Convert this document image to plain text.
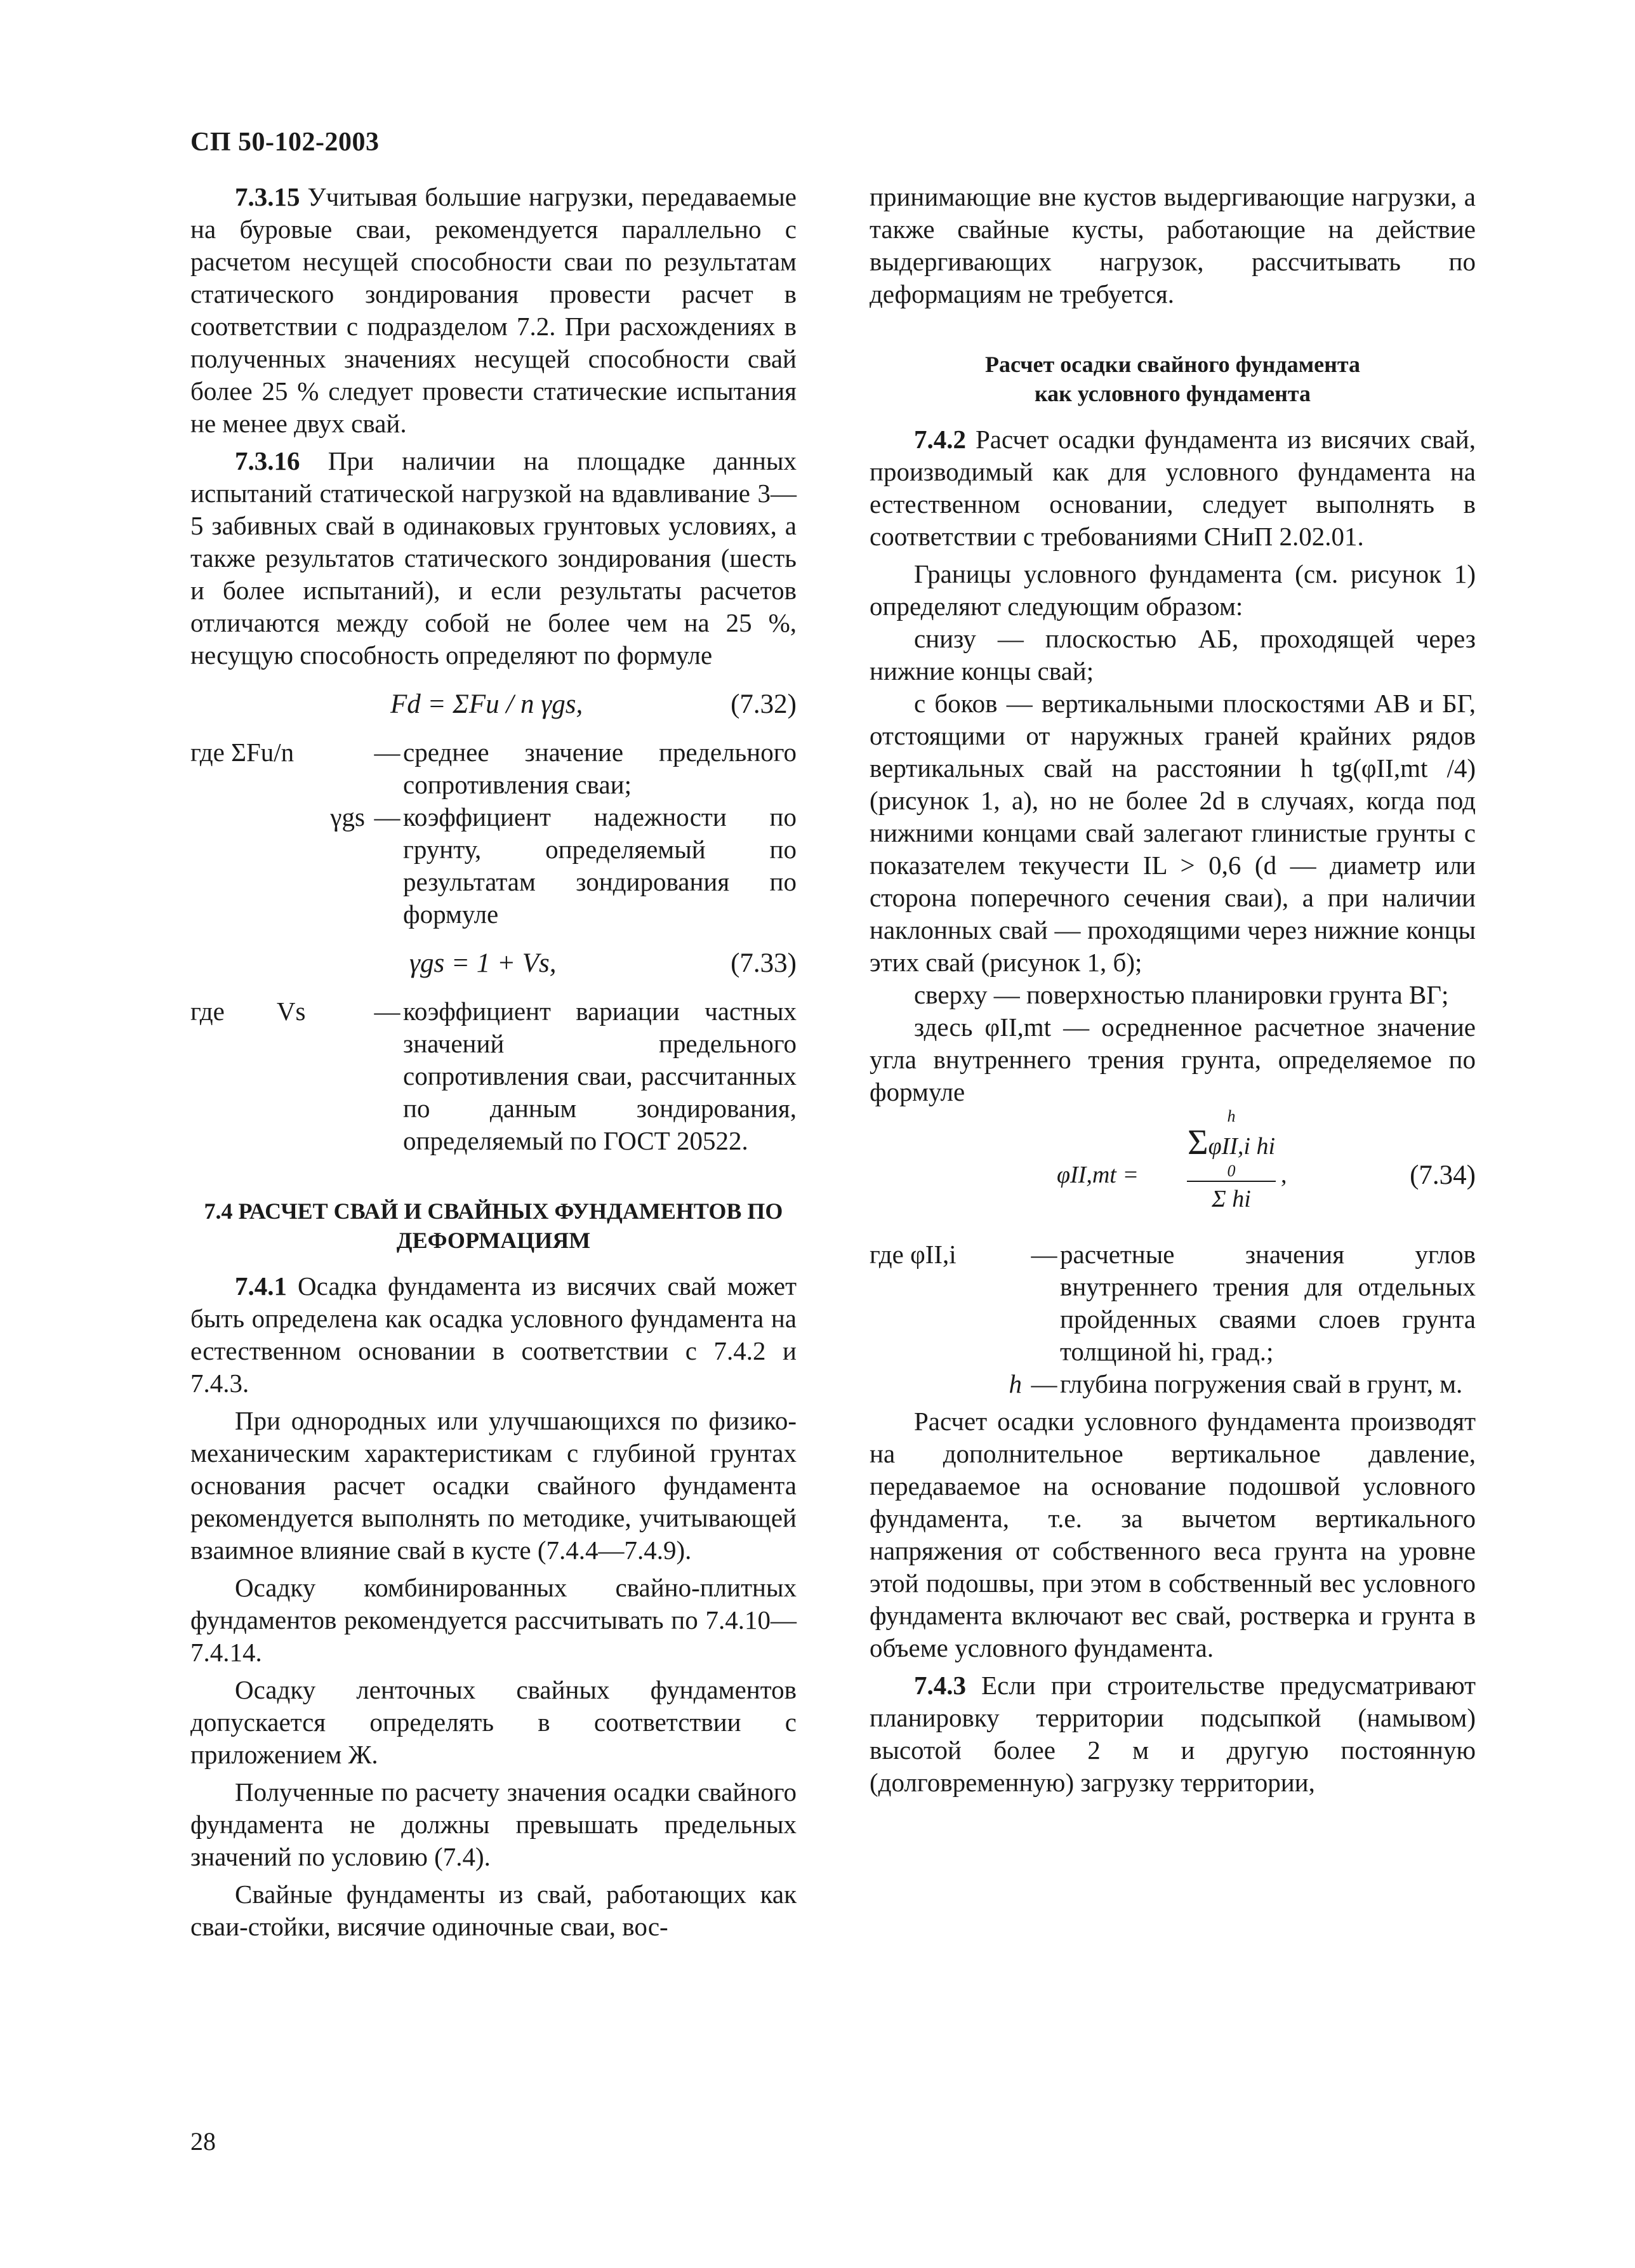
СП 50-102-2003

7.3.15 Учитывая большие нагрузки, передаваемые на буровые сваи, рекомендуется параллельно с расчетом несущей способности сваи по результатам статического зондирования провести расчет в соответствии с подразделом 7.2. При расхождениях в полученных значениях несущей способности свай более 25 % следует провести статические испытания не менее двух свай.

7.3.16 При наличии на площадке данных испытаний статической нагрузкой на вдавливание 3—5 забивных свай в одинаковых грунтовых условиях, а также результатов статического зондирования (шесть и более испытаний), и если результаты расчетов отличаются между собой не более чем на 25 %, несущую способность определяют по формуле

Fd = ΣFu / n γgs,	(7.32)
где ΣFu/n	— среднее значение предельного сопротивления сваи;
γgs — коэффициент надежности по грунту, определяемый по результатам зондирования по формуле
γgs = 1 + Vs,	(7.33)
где        Vs	— коэффициент вариации частных значений предельного сопротивления сваи, рассчитанных по данным зондирования, определяемый по ГОСТ 20522.

7.4 РАСЧЕТ СВАЙ И СВАЙНЫХ ФУНДАМЕНТОВ ПО ДЕФОРМАЦИЯМ

7.4.1 Осадка фундамента из висячих свай может быть определена как осадка условного фундамента на естественном основании в соответствии с 7.4.2 и 7.4.3.

При однородных или улучшающихся по физико-механическим характеристикам с глубиной грунтах основания расчет осадки свайного фундамента рекомендуется выполнять по методике, учитывающей взаимное влияние свай в кусте (7.4.4—7.4.9).

Осадку комбинированных свайно-плитных фундаментов рекомендуется рассчитывать по 7.4.10—7.4.14.

Осадку ленточных свайных фундаментов допускается определять в соответствии с приложением Ж.

Полученные по расчету значения осадки свайного фундамента не должны превышать предельных значений по условию (7.4).

Свайные фундаменты из свай, работающих как сваи-стойки, висячие одиночные сваи, вос-

принимающие вне кустов выдергивающие нагрузки, а также свайные кусты, работающие на действие выдергивающих нагрузок, рассчитывать по деформациям не требуется.

Расчет осадки свайного фундамента

как условного фундамента

7.4.2 Расчет осадки фундамента из висячих свай, производимый как для условного фундамента на естественном основании, следует выполнять в соответствии с требованиями СНиП 2.02.01.

Границы условного фундамента (см. рисунок 1) определяют следующим образом:

снизу — плоскостью АБ, проходящей через нижние концы свай;

с боков — вертикальными плоскостями АВ и БГ, отстоящими от наружных граней крайних рядов вертикальных свай на расстоянии h tg(φII,mt /4) (рисунок 1, а), но не более 2d в случаях, когда под нижними концами свай залегают глинистые грунты с показателем текучести IL > 0,6 (d — диаметр или сторона поперечного сечения сваи), а при наличии наклонных свай — проходящими через нижние концы этих свай (рисунок 1, б);

сверху — поверхностью планировки грунта ВГ;

здесь φII,mt — осредненное расчетное значение угла внутреннего трения грунта, определяемое по формуле

φII,mt =
h
ΣφII,i hi
0
Σ hi
,	(7.34)
где φII,i	— расчетные значения углов внутреннего трения для отдельных пройденных сваями слоев грунта толщиной hi, град.;
h — глубина погружения свай в грунт, м.

Расчет осадки условного фундамента производят на дополнительное вертикальное давление, передаваемое на основание подошвой условного фундамента, т.е. за вычетом вертикального напряжения от собственного веса грунта на уровне этой подошвы, при этом в собственный вес условного фундамента включают вес свай, ростверка и грунта в объеме условного фундамента.

7.4.3 Если при строительстве предусматривают планировку территории подсыпкой (намывом) высотой более 2 м и другую постоянную (долговременную) загрузку территории,

28
